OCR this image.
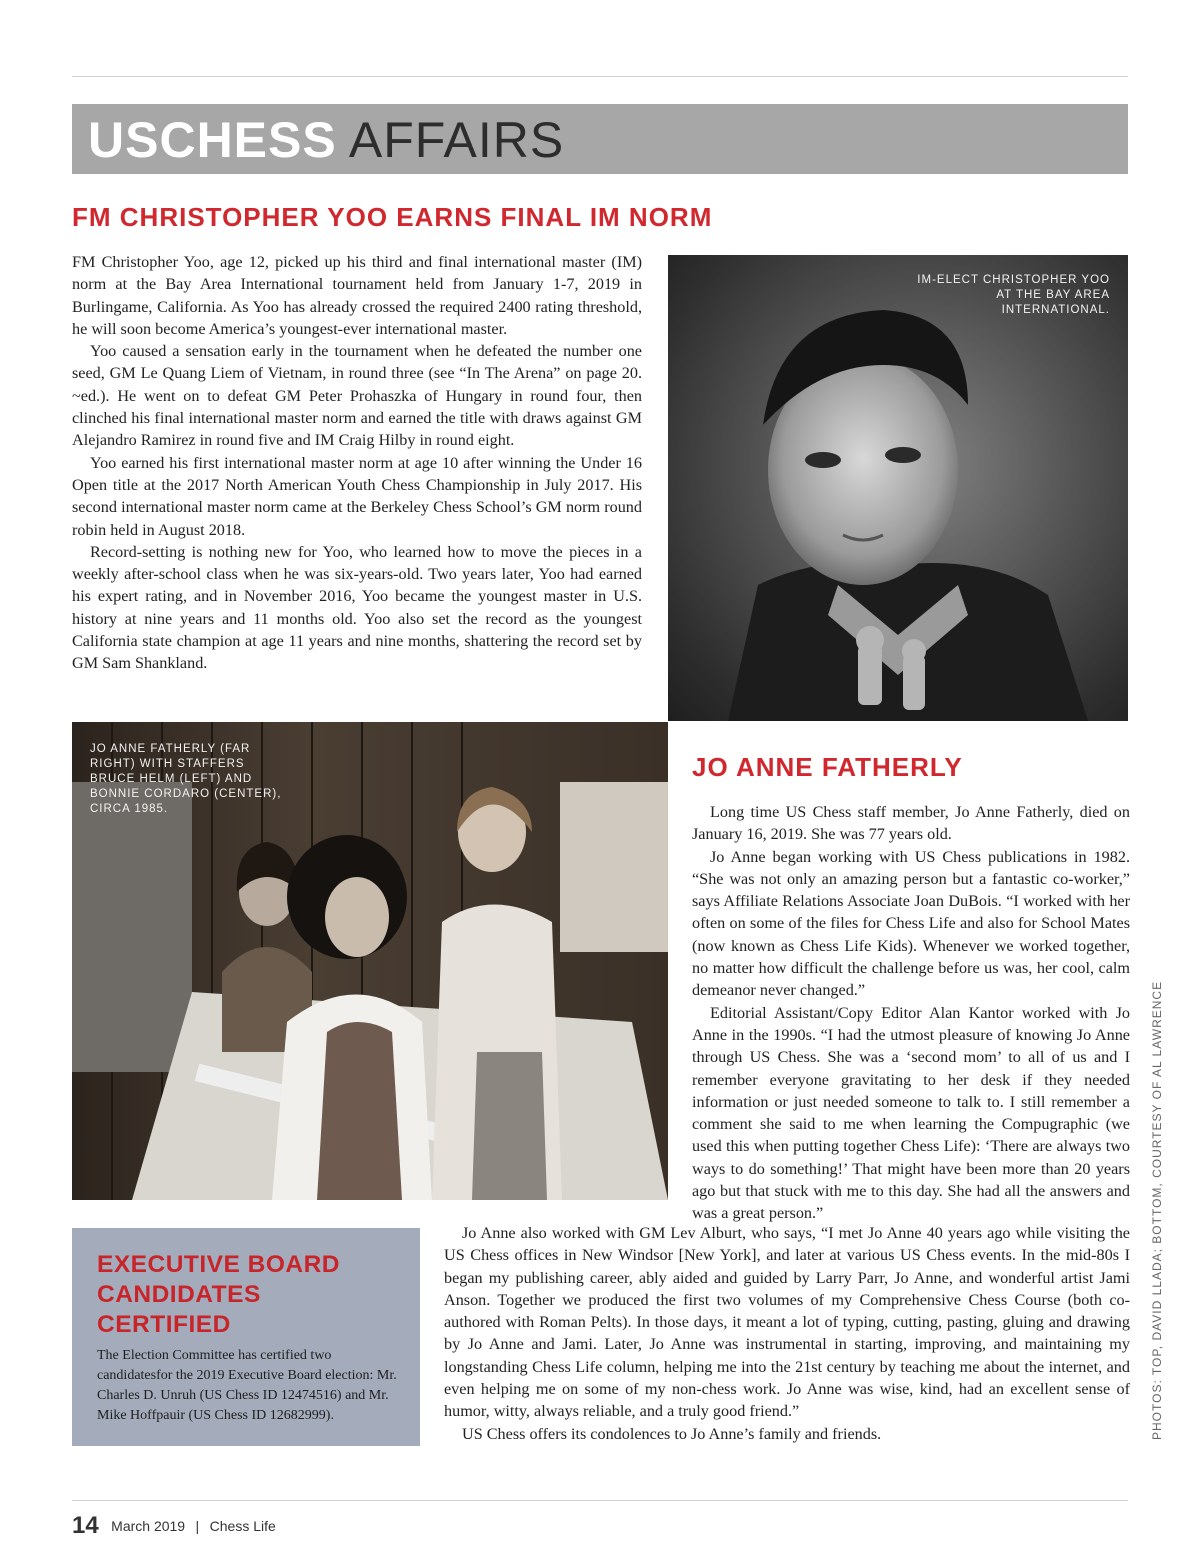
USCHESS AFFAIRS
FM CHRISTOPHER YOO EARNS FINAL IM NORM

FM Christopher Yoo, age 12, picked up his third and final international master (IM) norm at the Bay Area International tournament held from January 1-7, 2019 in Burlingame, California. As Yoo has already crossed the required 2400 rating threshold, he will soon become America’s youngest-ever international master.

Yoo caused a sensation early in the tournament when he defeated the number one seed, GM Le Quang Liem of Vietnam, in round three (see “In The Arena” on page 20. ~ed.). He went on to defeat GM Peter Prohaszka of Hungary in round four, then clinched his final international master norm and earned the title with draws against GM Alejandro Ramirez in round five and IM Craig Hilby in round eight.

Yoo earned his first international master norm at age 10 after winning the Under 16 Open title at the 2017 North American Youth Chess Championship in July 2017. His second international master norm came at the Berkeley Chess School’s GM norm round robin held in August 2018.

Record-setting is nothing new for Yoo, who learned how to move the pieces in a weekly after-school class when he was six-years-old. Two years later, Yoo had earned his expert rating, and in November 2016, Yoo became the youngest master in U.S. history at nine years and 11 months old. Yoo also set the record as the youngest California state champion at age 11 years and nine months, shattering the record set by GM Sam Shankland.

IM-ELECT CHRISTOPHER YOO AT THE BAY AREA INTERNATIONAL.
JO ANNE FATHERLY (FAR RIGHT) WITH STAFFERS BRUCE HELM (LEFT) AND BONNIE CORDARO (CENTER), CIRCA 1985.
JO ANNE FATHERLY

Long time US Chess staff member, Jo Anne Fatherly, died on January 16, 2019. She was 77 years old.

Jo Anne began working with US Chess publications in 1982. “She was not only an amazing person but a fantastic co-worker,” says Affiliate Relations Associate Joan DuBois. “I worked with her often on some of the files for Chess Life and also for School Mates (now known as Chess Life Kids). Whenever we worked together, no matter how difficult the challenge before us was, her cool, calm demeanor never changed.”

Editorial Assistant/Copy Editor Alan Kantor worked with Jo Anne in the 1990s. “I had the utmost pleasure of knowing Jo Anne through US Chess. She was a ‘second mom’ to all of us and I remember everyone gravitating to her desk if they needed information or just needed someone to talk to. I still remember a comment she said to me when learning the Compugraphic (we used this when putting together Chess Life): ‘There are always two ways to do something!’ That might have been more than 20 years ago but that stuck with me to this day. She had all the answers and was a great person.”

Jo Anne also worked with GM Lev Alburt, who says, “I met Jo Anne 40 years ago while visiting the US Chess offices in New Windsor [New York], and later at various US Chess events. In the mid-80s I began my publishing career, ably aided and guided by Larry Parr, Jo Anne, and wonderful artist Jami Anson. Together we produced the first two volumes of my Comprehensive Chess Course (both co-authored with Roman Pelts). In those days, it meant a lot of typing, cutting, pasting, gluing and drawing by Jo Anne and Jami. Later, Jo Anne was instrumental in starting, improving, and maintaining my longstanding Chess Life column, helping me into the 21st century by teaching me about the internet, and even helping me on some of my non-chess work. Jo Anne was wise, kind, had an excellent sense of humor, witty, always reliable, and a truly good friend.”

US Chess offers its condolences to Jo Anne’s family and friends.

EXECUTIVE BOARD CANDIDATES CERTIFIED

The Election Committee has certified two candidatesfor the 2019 Executive Board election: Mr. Charles D. Unruh (US Chess ID 12474516) and Mr. Mike Hoffpauir (US Chess ID 12682999).	PHOTOS: TOP, DAVID LLADA; BOTTOM, COURTESY OF AL LAWRENCE
14 March 2019 | Chess Life
